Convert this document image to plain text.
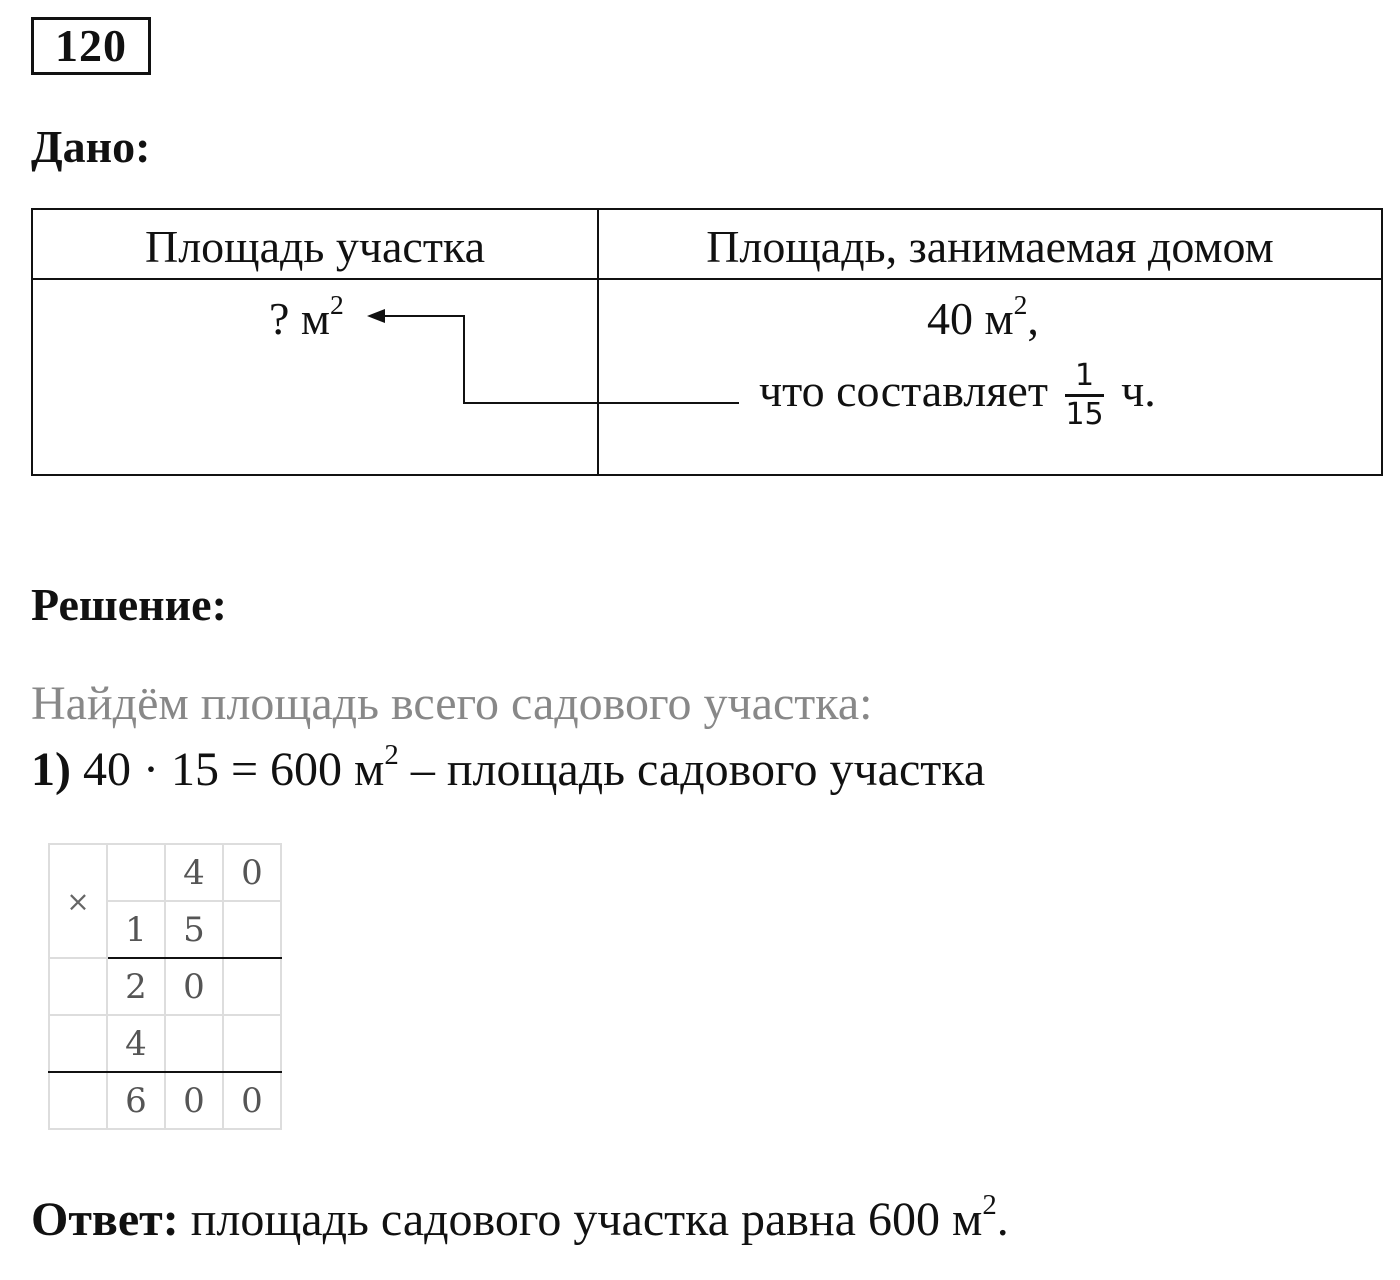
120
Дано:
Площадь участка	Площадь, занимаемая домом
? $м^2$	40 $м^2$,
что составляет $\frac{1}{15} ч$.
Решение:
Найдём площадь всего садового участка:
1) 40 · 15 = 600 $м^2$ – площадь садового участка
×		4	0
	1	5	
	2	0	
	4		
	6	0	0
Ответ: площадь садового участка равна 600 $м^2$.
